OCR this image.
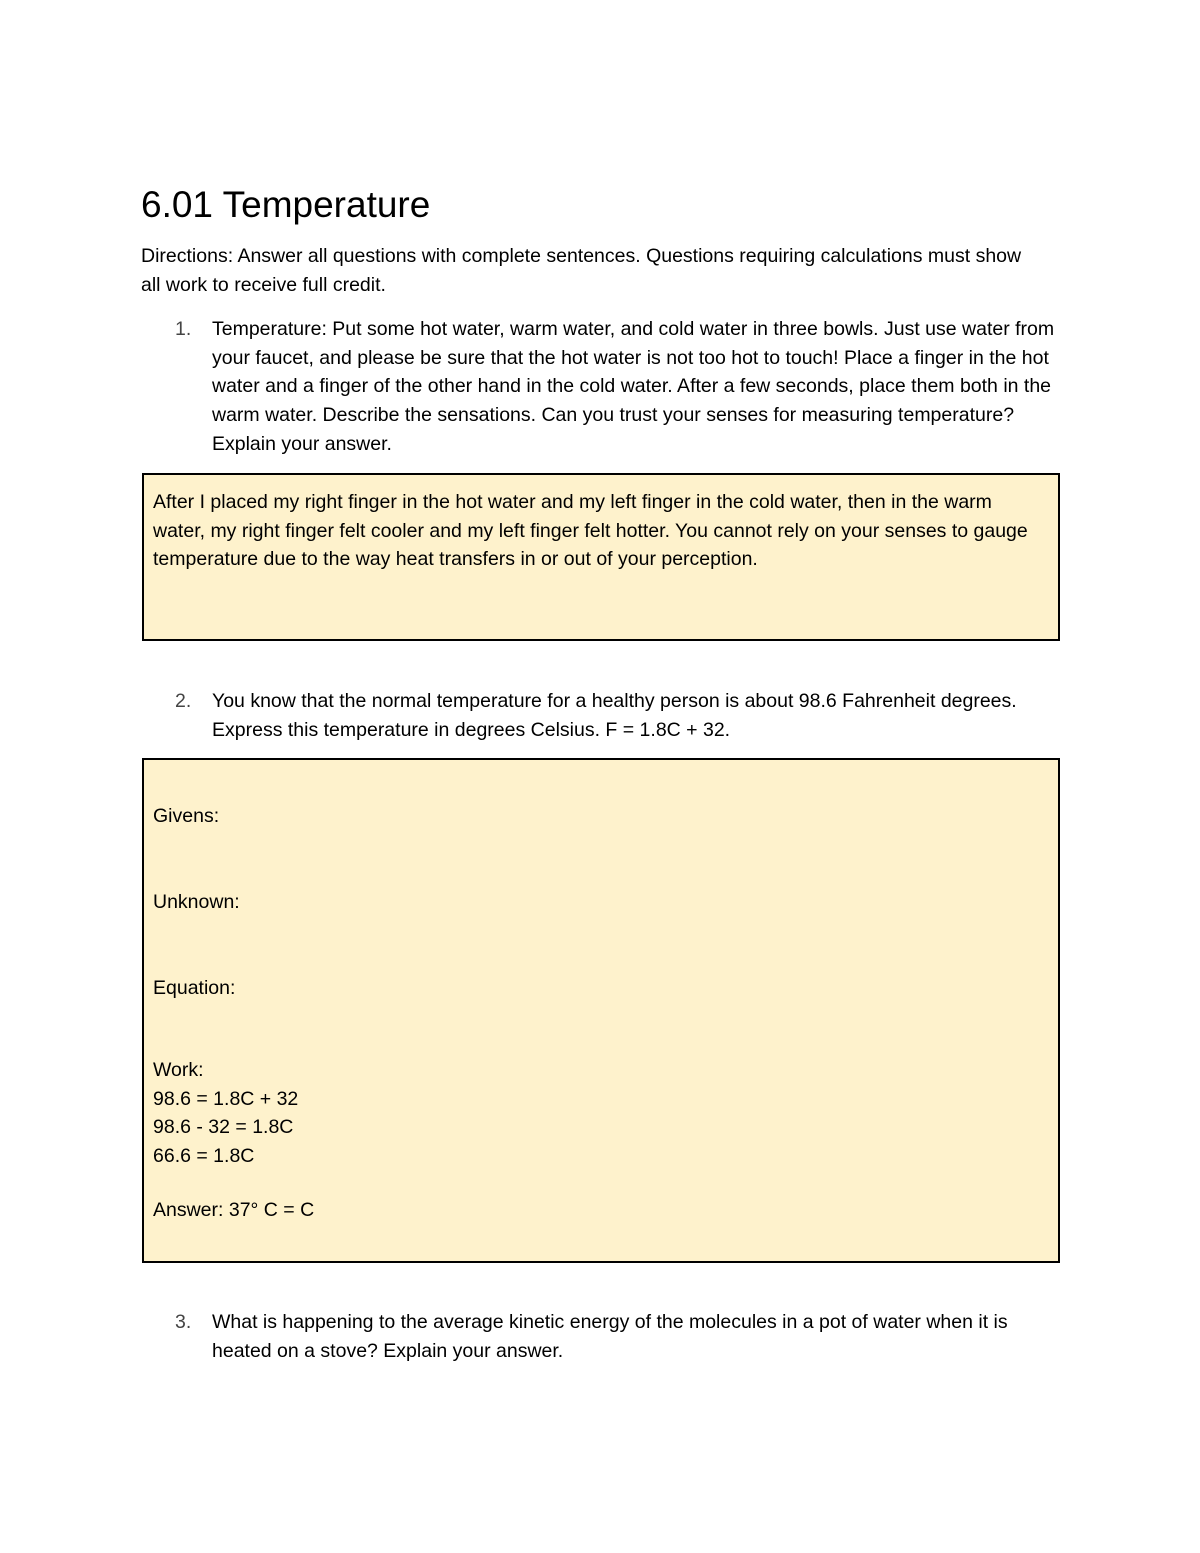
6.01 Temperature

Directions: Answer all questions with complete sentences. Questions requiring calculations must show all work to receive full credit.

1. Temperature: Put some hot water, warm water, and cold water in three bowls. Just use water from your faucet, and please be sure that the hot water is not too hot to touch! Place a finger in the hot water and a finger of the other hand in the cold water. After a few seconds, place them both in the warm water. Describe the sensations. Can you trust your senses for measuring temperature? Explain your answer.
After I placed my right finger in the hot water and my left finger in the cold water, then in the warm water, my right finger felt cooler and my left finger felt hotter. You cannot rely on your senses to gauge temperature due to the way heat transfers in or out of your perception.
2. You know that the normal temperature for a healthy person is about 98.6 Fahrenheit degrees. Express this temperature in degrees Celsius. F = 1.8C + 32.
Givens:
Unknown:
Equation:
Work:
98.6 = 1.8C + 32
98.6 - 32 = 1.8C
66.6 = 1.8C
Answer: 37° C = C
3. What is happening to the average kinetic energy of the molecules in a pot of water when it is heated on a stove? Explain your answer.
